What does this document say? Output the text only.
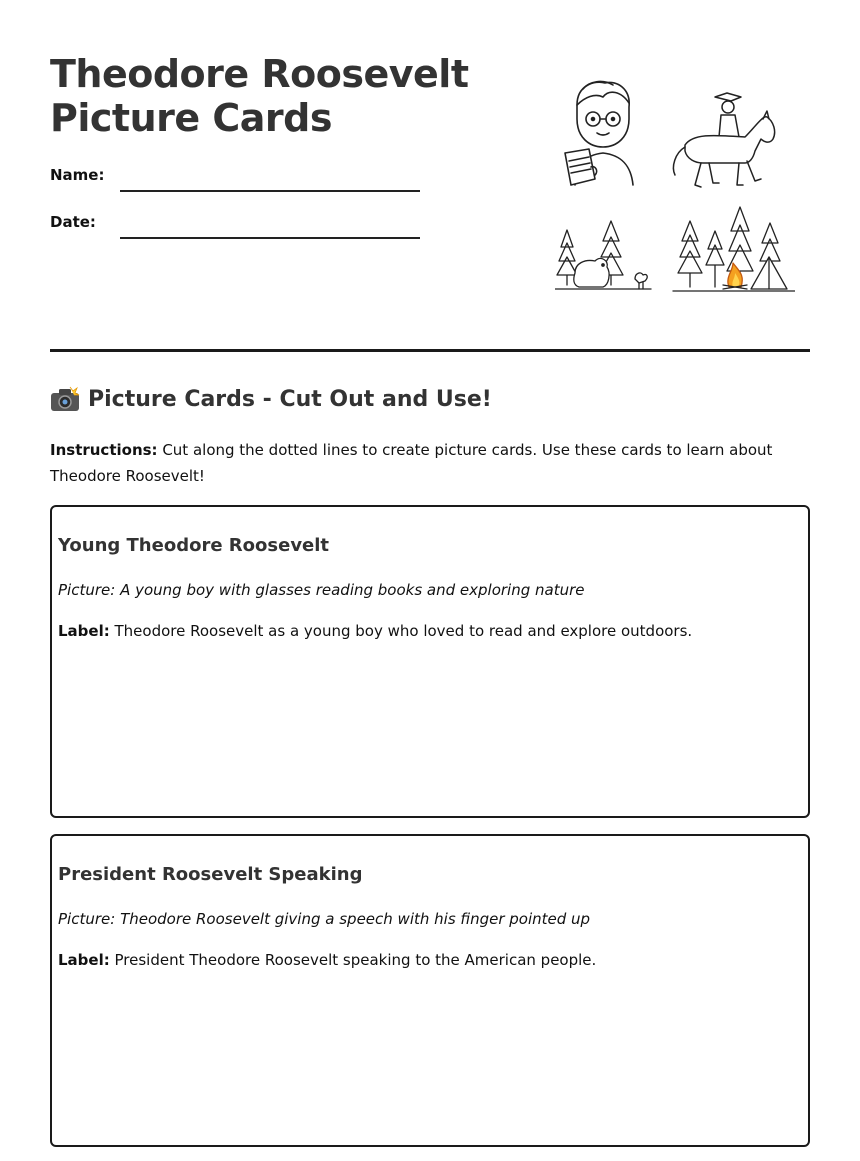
Theodore Roosevelt
Picture Cards
Name:
Date:
Picture Cards - Cut Out and Use!

Instructions: Cut along the dotted lines to create picture cards. Use these cards to learn about Theodore Roosevelt!

Young Theodore Roosevelt

Picture: A young boy with glasses reading books and exploring nature

Label: Theodore Roosevelt as a young boy who loved to read and explore outdoors.

President Roosevelt Speaking

Picture: Theodore Roosevelt giving a speech with his finger pointed up

Label: President Theodore Roosevelt speaking to the American people.
